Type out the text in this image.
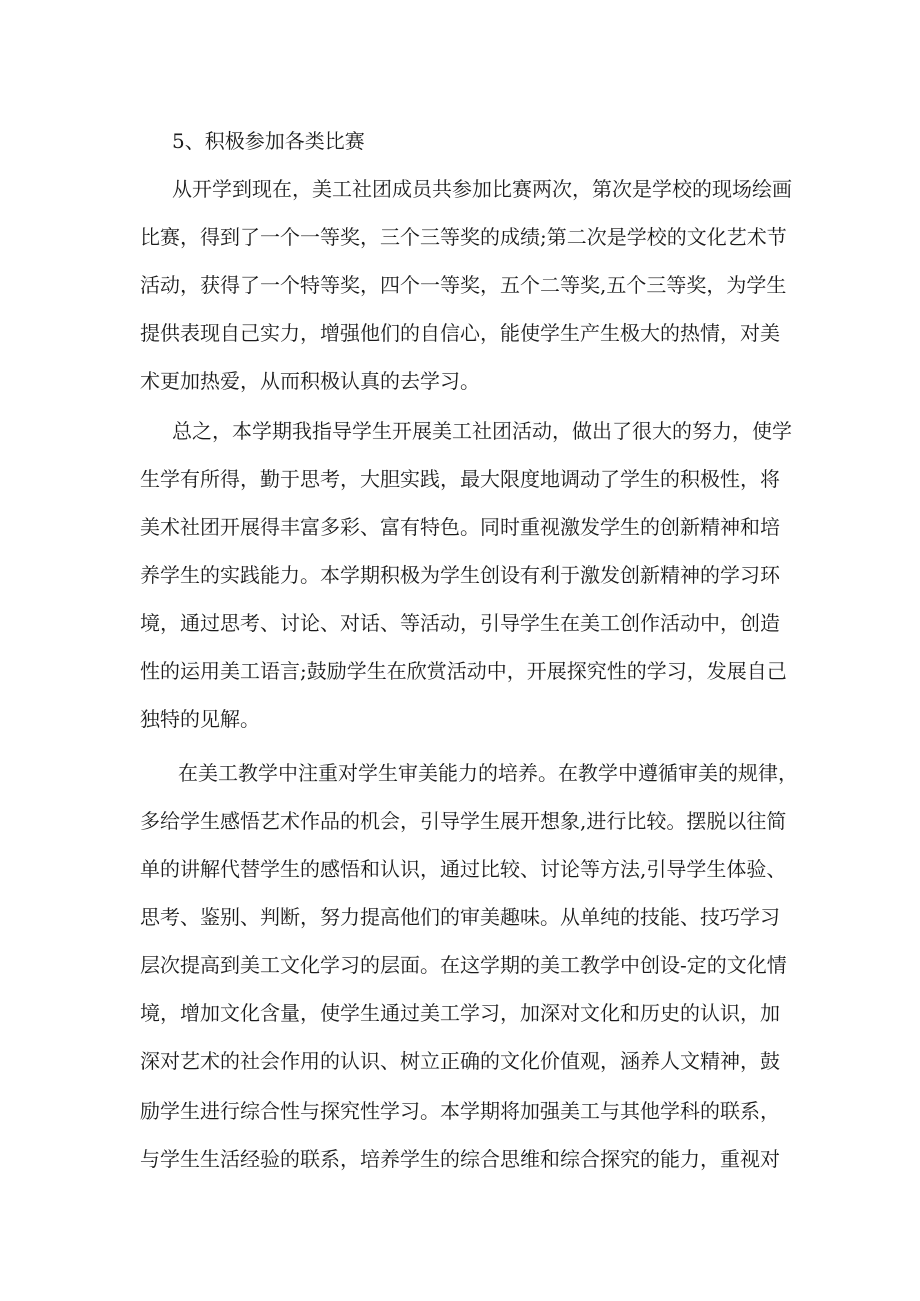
5、积极参加各类比赛
从开学到现在，美工社团成员共参加比赛两次，第次是学校的现场绘画
比赛，得到了一个一等奖，三个三等奖的成绩;第二次是学校的文化艺术节
活动，获得了一个特等奖，四个一等奖，五个二等奖,五个三等奖，为学生
提供表现自己实力，增强他们的自信心，能使学生产生极大的热情，对美
术更加热爱，从而积极认真的去学习。
总之，本学期我指导学生开展美工社团活动，做出了很大的努力，使学
生学有所得，勤于思考，大胆实践，最大限度地调动了学生的积极性，将
美术社团开展得丰富多彩、富有特色。同时重视激发学生的创新精神和培
养学生的实践能力。本学期积极为学生创设有利于激发创新精神的学习环
境，通过思考、讨论、对话、等活动，引导学生在美工创作活动中，创造
性的运用美工语言;鼓励学生在欣赏活动中，开展探究性的学习，发展自己
独特的见解。
在美工教学中注重对学生审美能力的培养。在教学中遵循审美的规律，
多给学生感悟艺术作品的机会，引导学生展开想象,进行比较。摆脱以往简
单的讲解代替学生的感悟和认识，通过比较、讨论等方法,引导学生体验、
思考、鉴别、判断，努力提高他们的审美趣味。从单纯的技能、技巧学习
层次提高到美工文化学习的层面。在这学期的美工教学中创设-定的文化情
境，增加文化含量，使学生通过美工学习，加深对文化和历史的认识，加
深对艺术的社会作用的认识、树立正确的文化价值观，涵养人文精神，鼓
励学生进行综合性与探究性学习。本学期将加强美工与其他学科的联系，
与学生生活经验的联系，培养学生的综合思维和综合探究的能力，重视对
